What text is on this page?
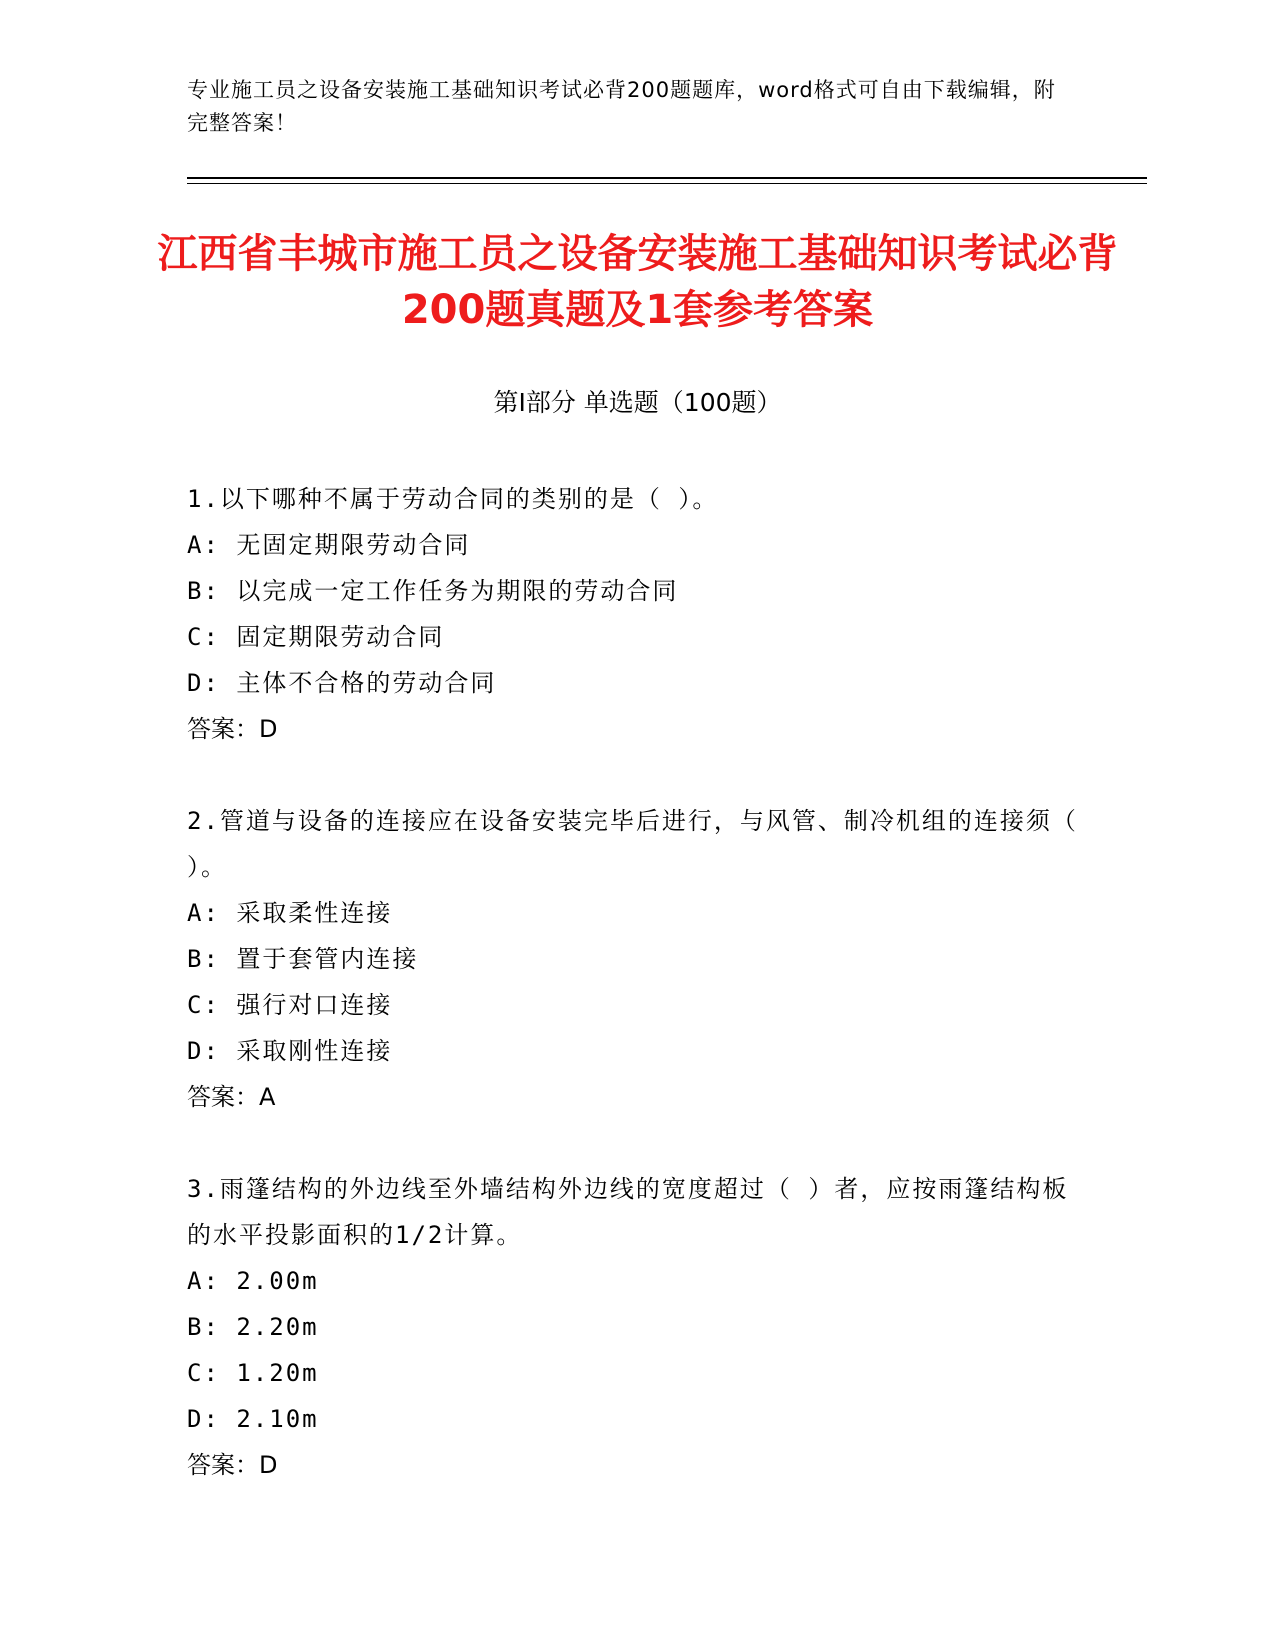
专业施工员之设备安装施工基础知识考试必背200题题库，word格式可自由下载编辑，附完整答案！
江西省丰城市施工员之设备安装施工基础知识考试必背200题真题及1套参考答案
第I部分 单选题（100题）
1.以下哪种不属于劳动合同的类别的是（ ）。
A: 无固定期限劳动合同
B: 以完成一定工作任务为期限的劳动合同
C: 固定期限劳动合同
D: 主体不合格的劳动合同
答案：D
2.管道与设备的连接应在设备安装完毕后进行，与风管、制冷机组的连接须（ ）。
A: 采取柔性连接
B: 置于套管内连接
C: 强行对口连接
D: 采取刚性连接
答案：A
3.雨篷结构的外边线至外墙结构外边线的宽度超过（ ）者，应按雨篷结构板的水平投影面积的1/2计算。
A: 2.00m
B: 2.20m
C: 1.20m
D: 2.10m
答案：D
